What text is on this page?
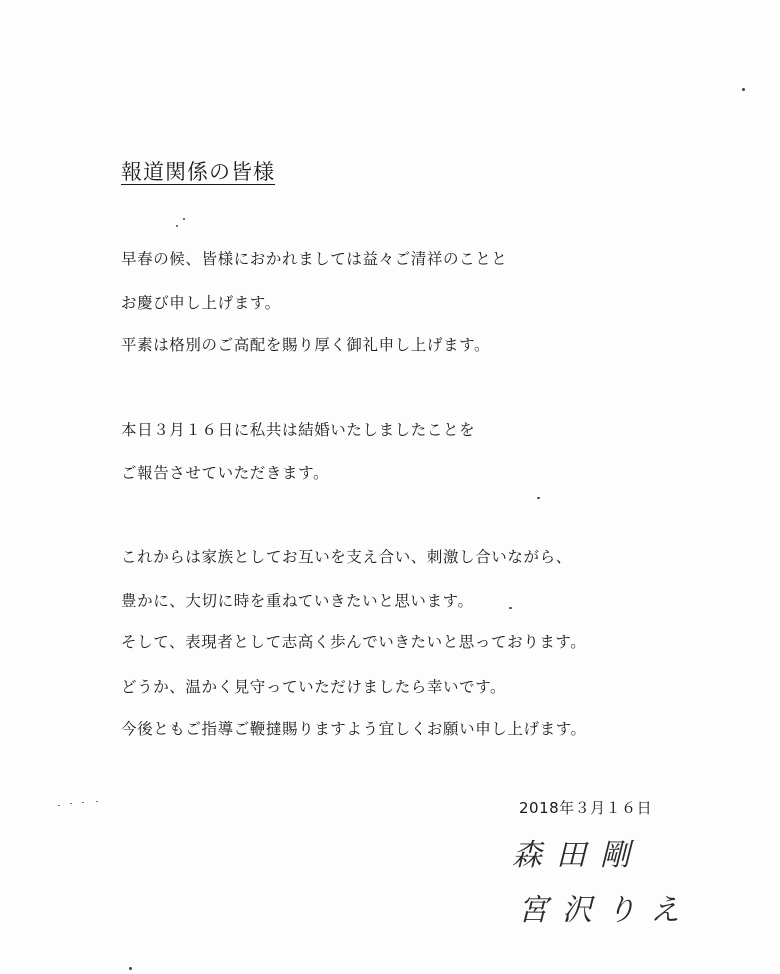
報道関係の皆様
早春の候、皆様におかれましては益々ご清祥のことと
お慶び申し上げます。
平素は格別のご高配を賜り厚く御礼申し上げます。
本日３月１６日に私共は結婚いたしましたことを
ご報告させていただきます。
これからは家族としてお互いを支え合い、刺激し合いながら、
豊かに、大切に時を重ねていきたいと思います。
そして、表現者として志高く歩んでいきたいと思っております。
どうか、温かく見守っていただけましたら幸いです。
今後ともご指導ご鞭撻賜りますよう宜しくお願い申し上げます。
2018年３月１６日
森田剛
宮沢りえ
